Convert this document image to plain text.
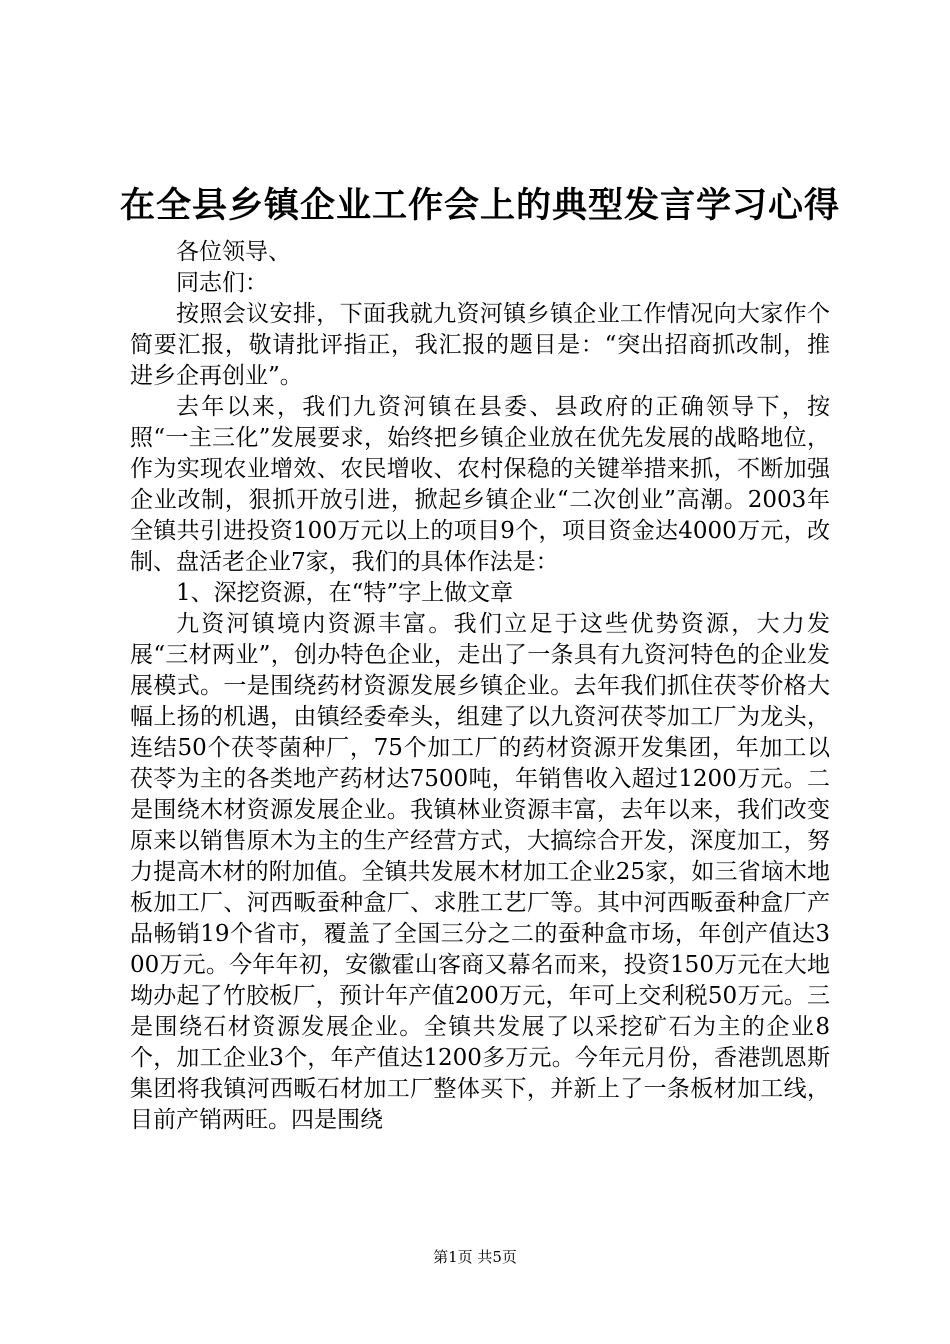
在全县乡镇企业工作会上的典型发言学习心得

各位领导、

同志们：

按照会议安排，下面我就九资河镇乡镇企业工作情况向大家作个简要汇报，敬请批评指正，我汇报的题目是：“突出招商抓改制，推进乡企再创业”。

去年以来，我们九资河镇在县委、县政府的正确领导下，按照“一主三化”发展要求，始终把乡镇企业放在优先发展的战略地位，作为实现农业增效、农民增收、农村保稳的关键举措来抓，不断加强企业改制，狠抓开放引进，掀起乡镇企业“二次创业”高潮。2003年全镇共引进投资100万元以上的项目9个，项目资金达4000万元，改制、盘活老企业7家，我们的具体作法是：

1、深挖资源，在“特”字上做文章

九资河镇境内资源丰富。我们立足于这些优势资源，大力发展“三材两业”，创办特色企业，走出了一条具有九资河特色的企业发展模式。一是围绕药材资源发展乡镇企业。去年我们抓住茯苓价格大幅上扬的机遇，由镇经委牵头，组建了以九资河茯苓加工厂为龙头，连结50个茯苓菌种厂，75个加工厂的药材资源开发集团，年加工以茯苓为主的各类地产药材达7500吨，年销售收入超过1200万元。二是围绕木材资源发展企业。我镇林业资源丰富，去年以来，我们改变原来以销售原木为主的生产经营方式，大搞综合开发，深度加工，努力提高木材的附加值。全镇共发展木材加工企业25家，如三省垴木地板加工厂、河西畈蚕种盒厂、求胜工艺厂等。其中河西畈蚕种盒厂产品畅销19个省市，覆盖了全国三分之二的蚕种盒市场，年创产值达300万元。今年年初，安徽霍山客商又幕名而来，投资150万元在大地坳办起了竹胶板厂，预计年产值200万元，年可上交利税50万元。三是围绕石材资源发展企业。全镇共发展了以采挖矿石为主的企业8个，加工企业3个，年产值达1200多万元。今年元月份，香港凯恩斯集团将我镇河西畈石材加工厂整体买下，并新上了一条板材加工线，目前产销两旺。四是围绕

第1页 共5页
